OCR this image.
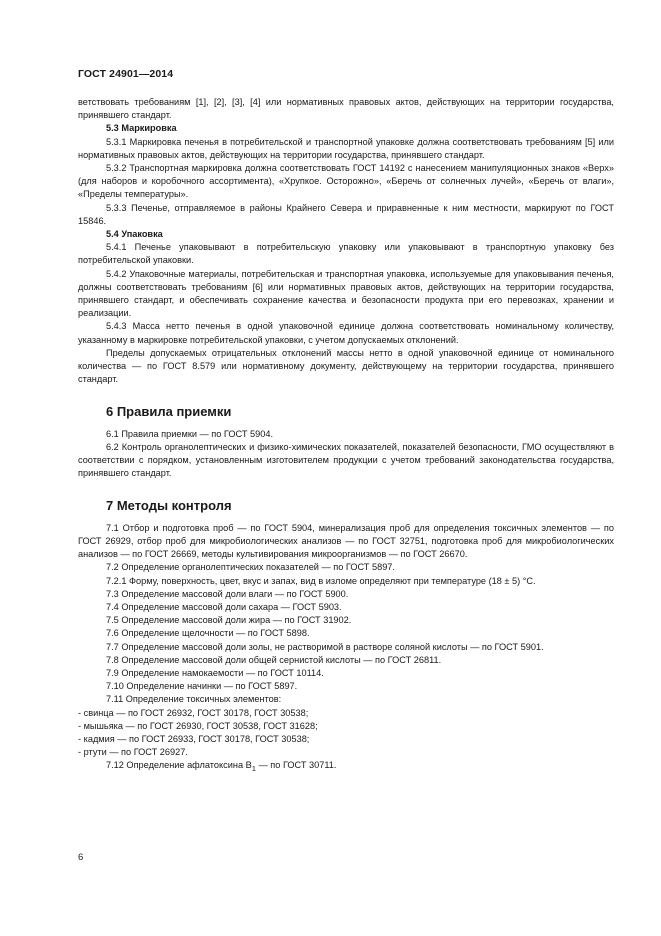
ГОСТ 24901—2014

ветствовать требованиям [1], [2], [3], [4] или нормативных правовых актов, действующих на территории государства, принявшего стандарт.

5.3 Маркировка

5.3.1 Маркировка печенья в потребительской и транспортной упаковке должна соответствовать требованиям [5] или нормативных правовых актов, действующих на территории государства, принявшего стандарт.

5.3.2 Транспортная маркировка должна соответствовать ГОСТ 14192 с нанесением манипуляционных знаков «Верх» (для наборов и коробочного ассортимента), «Хрупкое. Осторожно», «Беречь от солнечных лучей», «Беречь от влаги», «Пределы температуры».

5.3.3 Печенье, отправляемое в районы Крайнего Севера и приравненные к ним местности, маркируют по ГОСТ 15846.

5.4 Упаковка

5.4.1 Печенье упаковывают в потребительскую упаковку или упаковывают в транспортную упаковку без потребительской упаковки.

5.4.2 Упаковочные материалы, потребительская и транспортная упаковка, используемые для упаковывания печенья, должны соответствовать требованиям [6] или нормативных правовых актов, действующих на территории государства, принявшего стандарт, и обеспечивать сохранение качества и безопасности продукта при его перевозках, хранении и реализации.

5.4.3 Масса нетто печенья в одной упаковочной единице должна соответствовать номинальному количеству, указанному в маркировке потребительской упаковки, с учетом допускаемых отклонений.

Пределы допускаемых отрицательных отклонений массы нетто в одной упаковочной единице от номинального количества — по ГОСТ 8.579 или нормативному документу, действующему на территории государства, принявшего стандарт.

6 Правила приемки

6.1 Правила приемки — по ГОСТ 5904.

6.2 Контроль органолептических и физико-химических показателей, показателей безопасности, ГМО осуществляют в соответствии с порядком, установленным изготовителем продукции с учетом требований законодательства государства, принявшего стандарт.

7 Методы контроля

7.1 Отбор и подготовка проб — по ГОСТ 5904, минерализация проб для определения токсичных элементов — по ГОСТ 26929, отбор проб для микробиологических анализов — по ГОСТ 32751, подготовка проб для микробиологических анализов — по ГОСТ 26669, методы культивирования микроорганизмов — по ГОСТ 26670.

7.2 Определение органолептических показателей — по ГОСТ 5897.

7.2.1 Форму, поверхность, цвет, вкус и запах, вид в изломе определяют при температуре (18 ± 5) °С.

7.3 Определение массовой доли влаги — по ГОСТ 5900.

7.4 Определение массовой доли сахара — ГОСТ 5903.

7.5 Определение массовой доли жира — по ГОСТ 31902.

7.6 Определение щелочности — по ГОСТ 5898.

7.7 Определение массовой доли золы, не растворимой в растворе соляной кислоты — по ГОСТ 5901.

7.8 Определение массовой доли общей сернистой кислоты — по ГОСТ 26811.

7.9 Определение намокаемости — по ГОСТ 10114.

7.10 Определение начинки — по ГОСТ 5897.

7.11 Определение токсичных элементов:

- свинца — по ГОСТ 26932, ГОСТ 30178, ГОСТ 30538;

- мышьяка — по ГОСТ 26930, ГОСТ 30538, ГОСТ 31628;

- кадмия — по ГОСТ 26933, ГОСТ 30178, ГОСТ 30538;

- ртути — по ГОСТ 26927.

7.12 Определение афлатоксина $B_1$ — по ГОСТ 30711.

6
